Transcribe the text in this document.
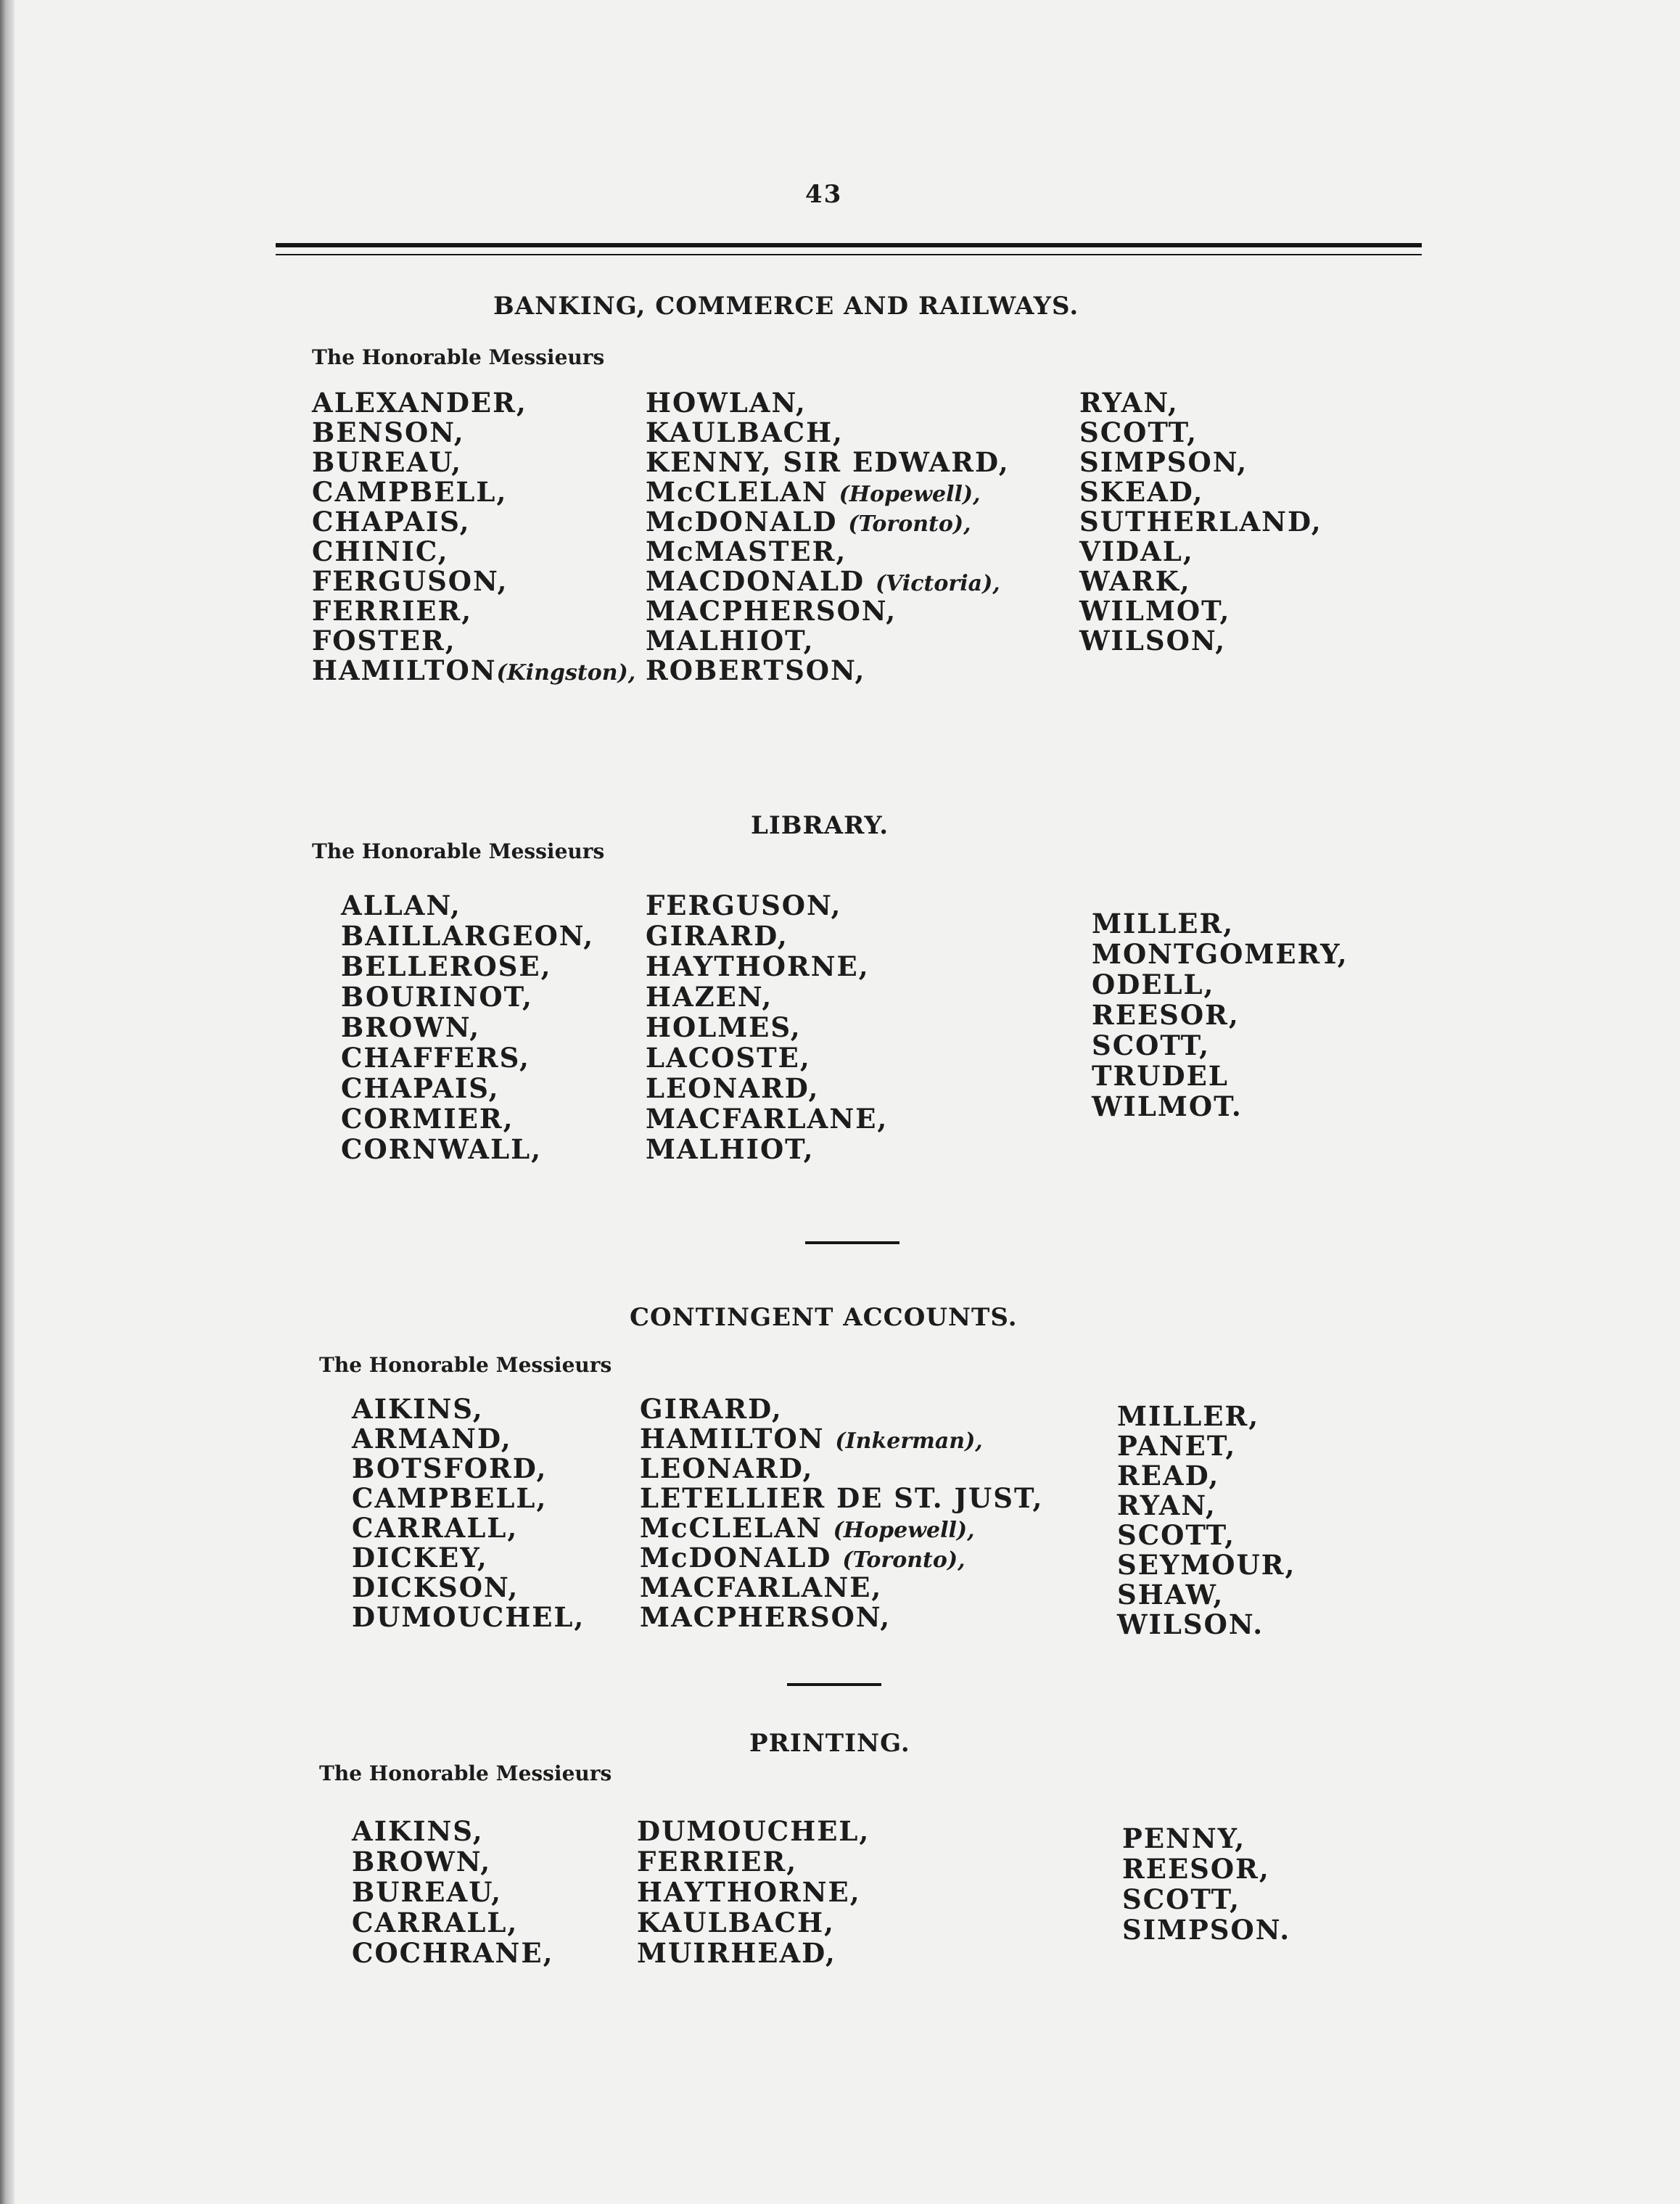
43
BANKING, COMMERCE AND RAILWAYS.
The Honorable Messieurs
ALEXANDER,
BENSON,
BUREAU,
CAMPBELL,
CHAPAIS,
CHINIC,
FERGUSON,
FERRIER,
FOSTER,
HAMILTON(Kingston),
HOWLAN,
KAULBACH,
KENNY, SIR EDWARD,
McCLELAN (Hopewell),
McDONALD (Toronto),
McMASTER,
MACDONALD (Victoria),
MACPHERSON,
MALHIOT,
ROBERTSON,
RYAN,
SCOTT,
SIMPSON,
SKEAD,
SUTHERLAND,
VIDAL,
WARK,
WILMOT,
WILSON,
LIBRARY.
The Honorable Messieurs
ALLAN,
BAILLARGEON,
BELLEROSE,
BOURINOT,
BROWN,
CHAFFERS,
CHAPAIS,
CORMIER,
CORNWALL,
FERGUSON,
GIRARD,
HAYTHORNE,
HAZEN,
HOLMES,
LACOSTE,
LEONARD,
MACFARLANE,
MALHIOT,
MILLER,
MONTGOMERY,
ODELL,
REESOR,
SCOTT,
TRUDEL
WILMOT.
CONTINGENT ACCOUNTS.
The Honorable Messieurs
AIKINS,
ARMAND,
BOTSFORD,
CAMPBELL,
CARRALL,
DICKEY,
DICKSON,
DUMOUCHEL,
GIRARD,
HAMILTON (Inkerman),
LEONARD,
LETELLIER DE ST. JUST,
McCLELAN (Hopewell),
McDONALD (Toronto),
MACFARLANE,
MACPHERSON,
MILLER,
PANET,
READ,
RYAN,
SCOTT,
SEYMOUR,
SHAW,
WILSON.
PRINTING.
The Honorable Messieurs
AIKINS,
BROWN,
BUREAU,
CARRALL,
COCHRANE,
DUMOUCHEL,
FERRIER,
HAYTHORNE,
KAULBACH,
MUIRHEAD,
PENNY,
REESOR,
SCOTT,
SIMPSON.
